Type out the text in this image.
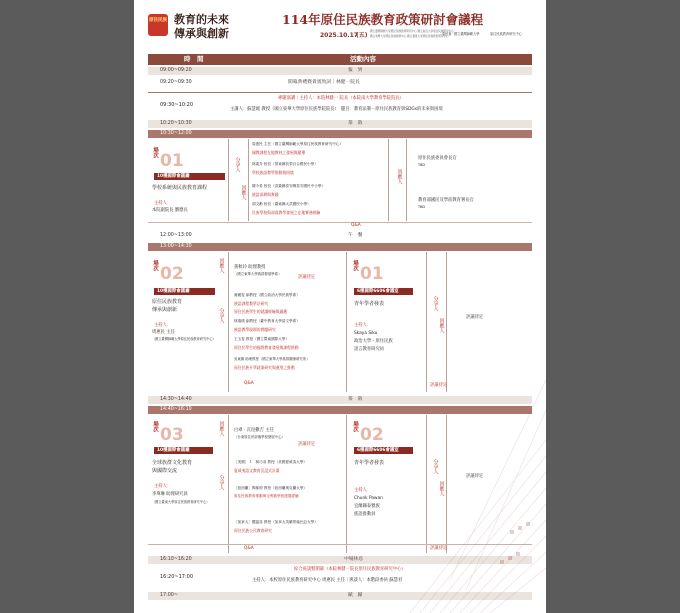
原住民族 教育的未來
傳承與創新
114年原住民族教育政策研討會議程
2025.10.17
(五)
國立臺灣師範大學原住民族教育研究中心 國立政治大學原住民族研究中心
國立東華大學原住民族發展中心 國立臺東大學原住民族教育研究中心
原民會 國立臺灣師範大學	原住民族教育研究中心
時　間	活動內容
09:00~09:20	報　到
09:20~09:30	開幕典禮暨貴賓致詞｜林健一院長
09:30~10:20
專題演講｜主持人：本院林健一 院長（本院南大學教育學院院長）
主講人：蘇慧媛 教授（國立東華大學原住民族學院院長）　題目：教育法制－原住民族教育與SDGs的未來與困境
10:20~10:30	茶　敘
10:30~12:00
場次 01
10樓國際會議廳
學校系統與民族教育課程
主持人：
本院副院長 劉德長
分享人
回應人
周惠民 主任（國立臺灣師範大學原住民族教育研究中心）
國教課程在地教材之發展與變遷
林素芳 校長（屏東縣長榮百合國民小學）
學校族語教學推動與困境
陳今希 校長（苗栗縣泰安鄉泰安國民中小學）
族語深耕與實踐
胡文勳 校長（臺東縣大武國民小學）
民族學校與部落教學發展之在地實務經驗
回應人
原住民族委員會長官
TBD
教育部國民及學前教育署長官
TBD
Q&A
12:00~13:00	午　餐
13:00~14:30
場次 02
10樓國際會議廳
原住民族教育
傳承與創新
主持人：
周惠民 主任
（國立臺灣師範大學原住民族教育研究中心）
回應人
分享人
黃秋玲 助理教授
（國立東華大學族群發展學系）
蔣麗雯 副教授（國立政治大學民族學系）
族語課程教學法研究
原住民族學生的就讀經驗與適應
林瑞瑛 副教授（臺中教育大學語文學系）
族語教學現場的問題研究
王玉雯 教授（國立暨南國際大學）
原住民學生的國際教育發展與課程推動
吳東娜 助理教授（國立東華大學族群關係研究所）
原住民族升學就業研究與運用之推動
評議待定
Q&A
場次 01
6樓國際6606會議室
青年學者發表
主持人：
Skaya Siku
政治大學 - 原住民族
語言教育研究員
分享人
回應人
評議待定
評議待定
14:30~14:40	茶　敘
14:40~16:10
場次 03
10樓國際會議廳
全球族群文化教育
與國際交流
主持人：
李瑋琳 助理研究員
（國立臺東大學原住民族教育研究中心）
回應人
分享人
白翠 · 瓦昆撒吉 主任
（台東原住民部落學校發展中心）
［美國］Ｉ　林巧羽 教授（美國夏威夷大學）
夏威夷語文教育沉浸式計畫
［紐西蘭］楊郁婷 教授（紐西蘭奧克蘭大學）
原住民族教育推動與毛利族學校建置經驗
［加拿大］羅溫蕊 教授（加拿大英屬哥倫比亞大學）
原住民族公民教育研究
評議待定
場次 02
6樓國際6606會議室
青年學者發表
主持人：
Chunk Pawan
宜蘭縣泰雅族
族語推動員
分享人
回應人
評議待定
評議待定
Q&A
16:10~16:20	中場休息
16:20~17:00
綜合座談暨閉幕（本院林健一院長原住民族教育研究中心）
主持人：本校原住民族教育研究中心 周惠民 主任｜與談人：本階段委員 蘇慧君
17:00~	賦　歸
